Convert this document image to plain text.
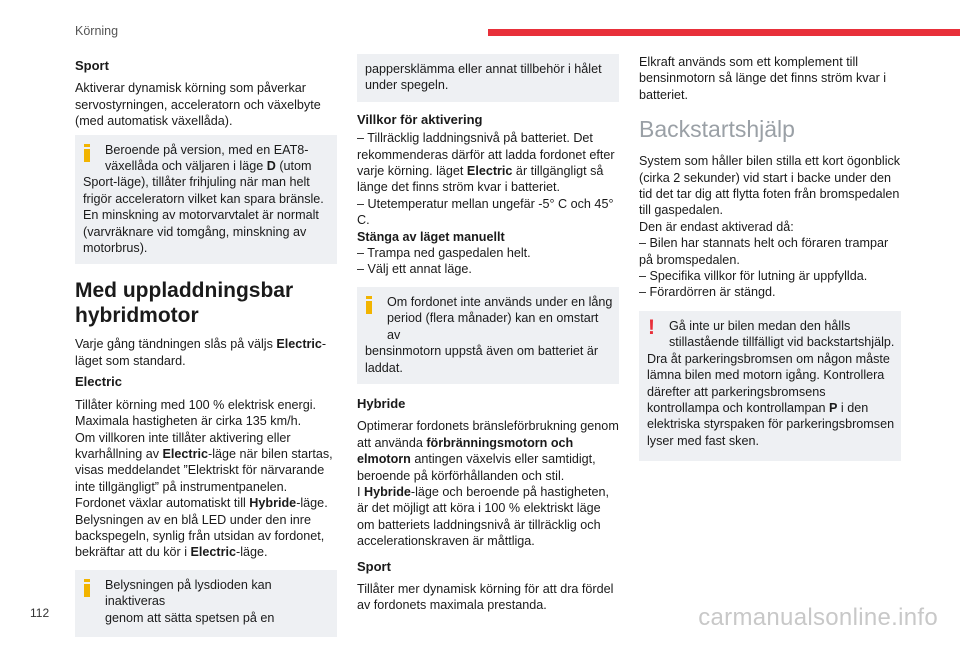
Körning
Sport

Aktiverar dynamisk körning som påverkar servostyrningen, acceleratorn och växelbyte (med automatisk växellåda).

Beroende på version, med en EAT8-växellåda och väljaren i läge D (utom
Sport-läge), tillåter frihjuling när man helt frigör acceleratorn vilket kan spara bränsle. En minskning av motorvarvtalet är normalt (varvräknare vid tomgång, minskning av motorbrus).
Med uppladdningsbar hybridmotor

Varje gång tändningen slås på väljs Electric-läget som standard.

Electric
Tillåter körning med 100 % elektrisk energi.
Maximala hastigheten är cirka 135 km/h.
Om villkoren inte tillåter aktivering eller kvarhållning av Electric-läge när bilen startas, visas meddelandet ”Elektriskt för närvarande inte tillgängligt” på instrumentpanelen. Fordonet växlar automatiskt till Hybride-läge.
Belysningen av en blå LED under den inre backspegeln, synlig från utsidan av fordonet, bekräftar att du kör i Electric-läge.
Belysningen på lysdioden kan inaktiveras
genom att sätta spetsen på en
pappersklämma eller annat tillbehör i hålet under spegeln.
Villkor för aktivering
– Tillräcklig laddningsnivå på batteriet. Det rekommenderas därför att ladda fordonet efter varje körning. läget Electric är tillgängligt så länge det finns ström kvar i batteriet.
– Utetemperatur mellan ungefär -5° C och 45° C.
Stänga av läget manuellt
– Trampa ned gaspedalen helt.
– Välj ett annat läge.
Om fordonet inte används under en lång period (flera månader) kan en omstart av
bensinmotorn uppstå även om batteriet är laddat.
Hybride
Optimerar fordonets bränsleförbrukning genom att använda förbränningsmotorn och elmotorn antingen växelvis eller samtidigt, beroende på körförhållanden och stil.
I Hybride-läge och beroende på hastigheten, är det möjligt att köra i 100 % elektriskt läge om batteriets laddningsnivå är tillräcklig och accelerationskraven är måttliga.
Sport
Tillåter mer dynamisk körning för att dra fördel av fordonets maximala prestanda.

Elkraft används som ett komplement till bensinmotorn så länge det finns ström kvar i batteriet.

Backstartshjälp
System som håller bilen stilla ett kort ögonblick (cirka 2 sekunder) vid start i backe under den tid det tar dig att flytta foten från bromspedalen till gaspedalen.
Den är endast aktiverad då:
– Bilen har stannats helt och föraren trampar på bromspedalen.
– Specifika villkor för lutning är uppfyllda.
– Förardörren är stängd.
! Gå inte ur bilen medan den hålls stillastående tillfälligt vid backstartshjälp.
Dra åt parkeringsbromsen om någon måste lämna bilen med motorn igång. Kontrollera därefter att parkeringsbromsens kontrollampa och kontrollampan P i den elektriska styrspaken för parkeringsbromsen lyser med fast sken.
112	carmanualsonline.info
